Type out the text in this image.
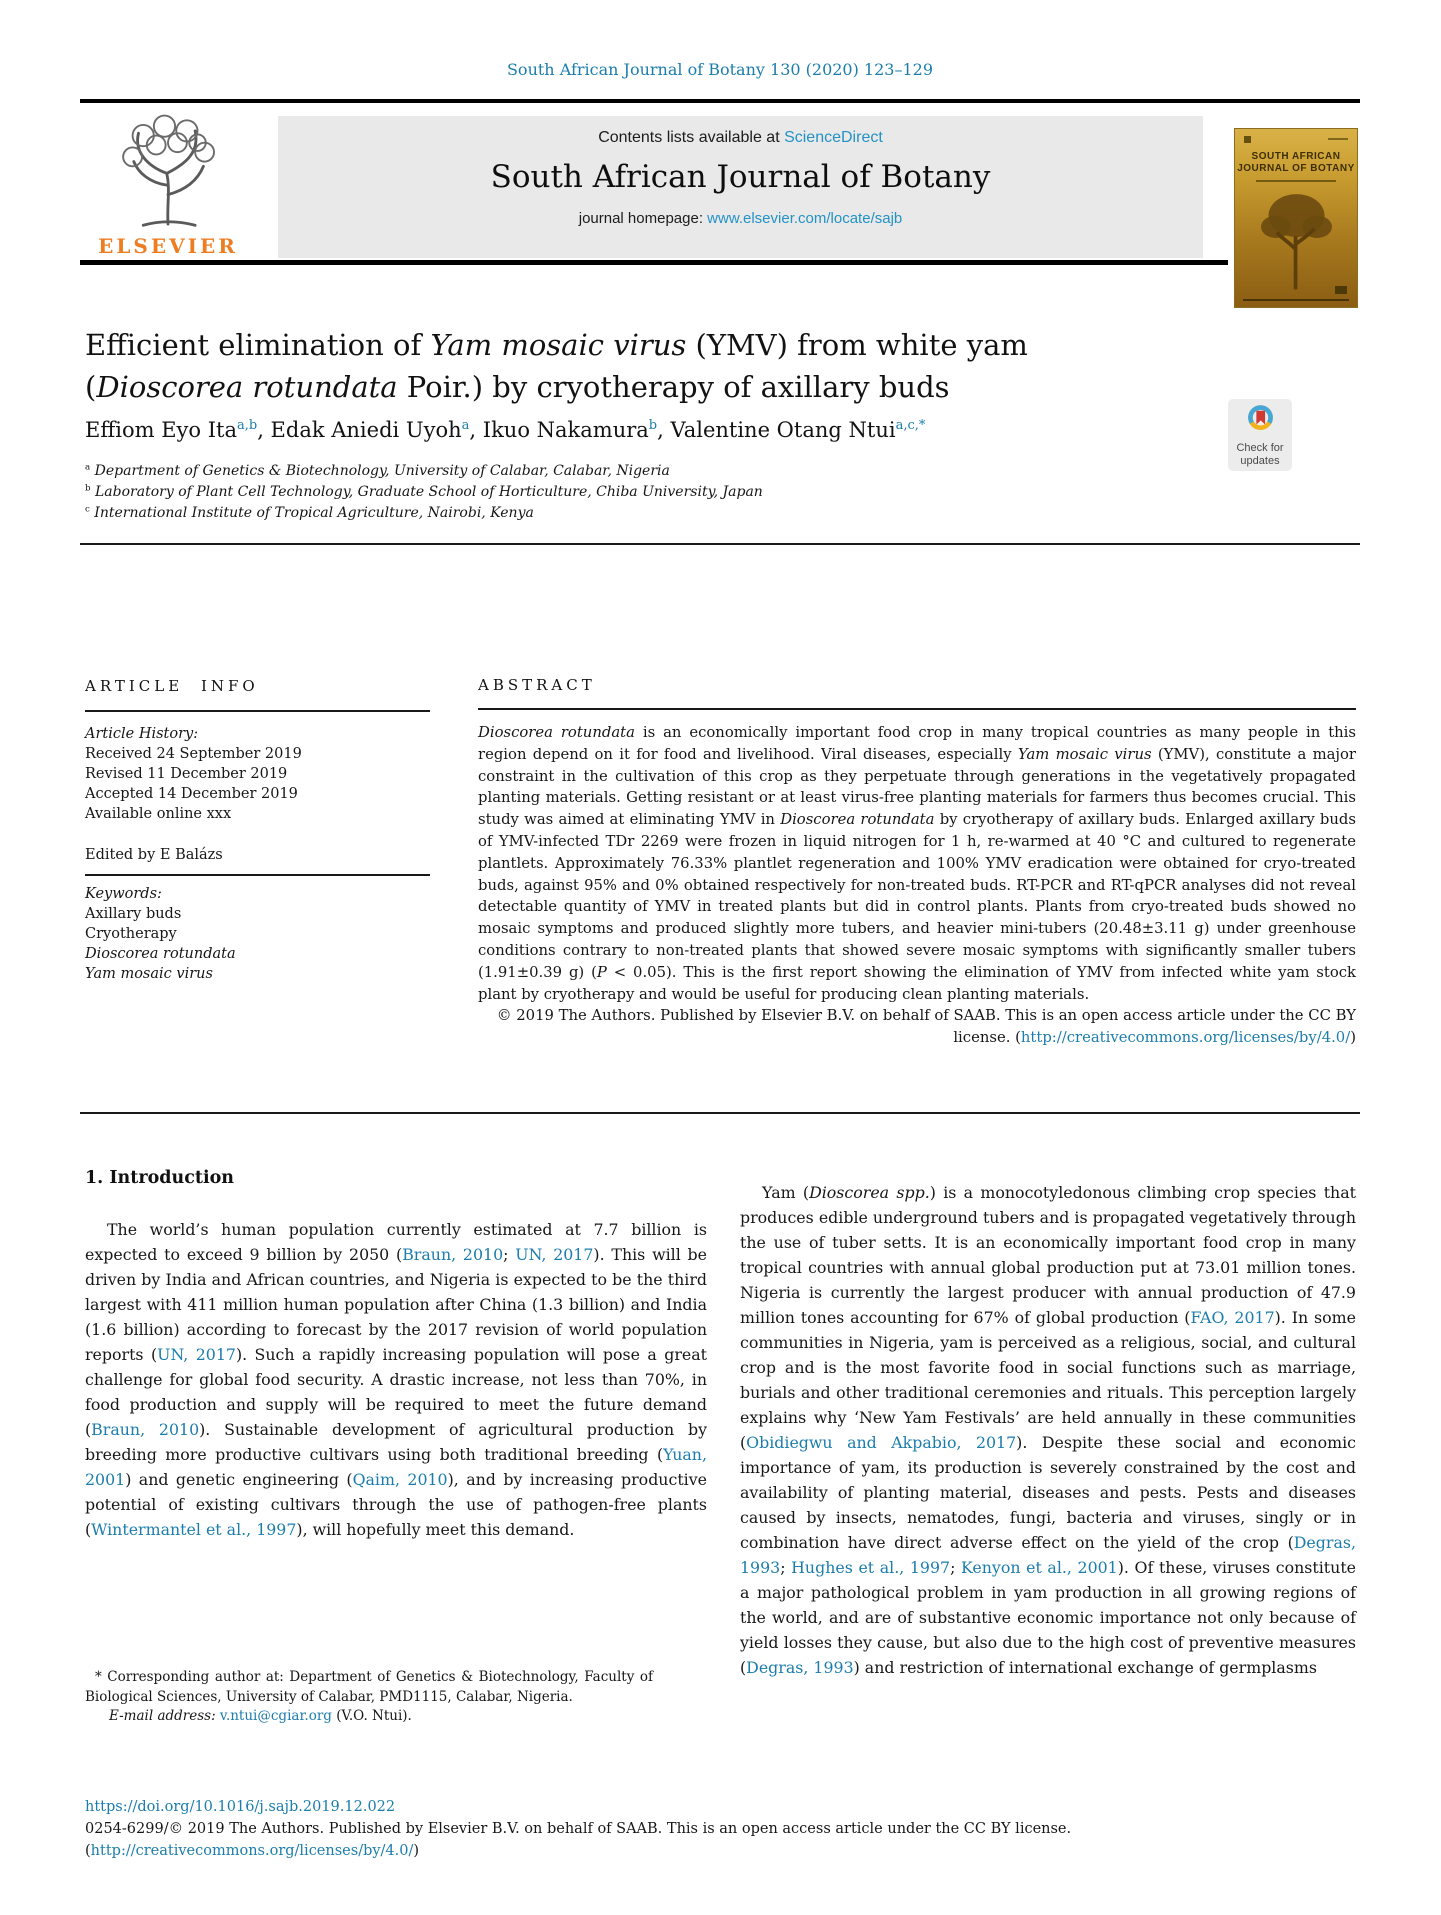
South African Journal of Botany 130 (2020) 123–129
ELSEVIER
Contents lists available at ScienceDirect
South African Journal of Botany
journal homepage: www.elsevier.com/locate/sajb
SOUTH AFRICAN
JOURNAL OF BOTANY
Efficient elimination of Yam mosaic virus (YMV) from white yam
(Dioscorea rotundata Poir.) by cryotherapy of axillary buds
Check for
updates
Effiom Eyo Ita$^{a,b}$, Edak Aniedi Uyoh$^a$, Ikuo Nakamura$^b$, Valentine Otang Ntui$^{a,c,*}$
$^a$ Department of Genetics & Biotechnology, University of Calabar, Calabar, Nigeria
$^b$ Laboratory of Plant Cell Technology, Graduate School of Horticulture, Chiba University, Japan
$^c$ International Institute of Tropical Agriculture, Nairobi, Kenya
ARTICLE INFO
Article History:
Received 24 September 2019
Revised 11 December 2019
Accepted 14 December 2019
Available online xxx
Edited by E Balázs
Keywords:
Axillary buds
Cryotherapy
Dioscorea rotundata
Yam mosaic virus
ABSTRACT
Dioscorea rotundata is an economically important food crop in many tropical countries as many people in this region depend on it for food and livelihood. Viral diseases, especially Yam mosaic virus (YMV), constitute a major constraint in the cultivation of this crop as they perpetuate through generations in the vegetatively propagated planting materials. Getting resistant or at least virus-free planting materials for farmers thus becomes crucial. This study was aimed at eliminating YMV in Dioscorea rotundata by cryotherapy of axillary buds. Enlarged axillary buds of YMV-infected TDr 2269 were frozen in liquid nitrogen for 1 h, re-warmed at 40 °C and cultured to regenerate plantlets. Approximately 76.33% plantlet regeneration and 100% YMV eradication were obtained for cryo-treated buds, against 95% and 0% obtained respectively for non-treated buds. RT-PCR and RT-qPCR analyses did not reveal detectable quantity of YMV in treated plants but did in control plants. Plants from cryo-treated buds showed no mosaic symptoms and produced slightly more tubers, and heavier mini-tubers (20.48±3.11 g) under greenhouse conditions contrary to non-treated plants that showed severe mosaic symptoms with significantly smaller tubers (1.91±0.39 g) (P < 0.05). This is the first report showing the elimination of YMV from infected white yam stock plant by cryotherapy and would be useful for producing clean planting materials.
© 2019 The Authors. Published by Elsevier B.V. on behalf of SAAB. This is an open access article under the CC BY license. (http://creativecommons.org/licenses/by/4.0/)
1. Introduction
The world’s human population currently estimated at 7.7 billion is expected to exceed 9 billion by 2050 (Braun, 2010; UN, 2017). This will be driven by India and African countries, and Nigeria is expected to be the third largest with 411 million human population after China (1.3 billion) and India (1.6 billion) according to forecast by the 2017 revision of world population reports (UN, 2017). Such a rapidly increasing population will pose a great challenge for global food security. A drastic increase, not less than 70%, in food production and supply will be required to meet the future demand (Braun, 2010). Sustainable development of agricultural production by breeding more productive cultivars using both traditional breeding (Yuan, 2001) and genetic engineering (Qaim, 2010), and by increasing productive potential of existing cultivars through the use of pathogen-free plants (Wintermantel et al., 1997), will hopefully meet this demand.
Yam (Dioscorea spp.) is a monocotyledonous climbing crop species that produces edible underground tubers and is propagated vegetatively through the use of tuber setts. It is an economically important food crop in many tropical countries with annual global production put at 73.01 million tones. Nigeria is currently the largest producer with annual production of 47.9 million tones accounting for 67% of global production (FAO, 2017). In some communities in Nigeria, yam is perceived as a religious, social, and cultural crop and is the most favorite food in social functions such as marriage, burials and other traditional ceremonies and rituals. This perception largely explains why ‘New Yam Festivals’ are held annually in these communities (Obidiegwu and Akpabio, 2017). Despite these social and economic importance of yam, its production is severely constrained by the cost and availability of planting material, diseases and pests. Pests and diseases caused by insects, nematodes, fungi, bacteria and viruses, singly or in combination have direct adverse effect on the yield of the crop (Degras, 1993; Hughes et al., 1997; Kenyon et al., 2001). Of these, viruses constitute a major pathological problem in yam production in all growing regions of the world, and are of substantive economic importance not only because of yield losses they cause, but also due to the high cost of preventive measures (Degras, 1993) and restriction of international exchange of germplasms
* Corresponding author at: Department of Genetics & Biotechnology, Faculty of Biological Sciences, University of Calabar, PMD1115, Calabar, Nigeria.
E-mail address: v.ntui@cgiar.org (V.O. Ntui).
https://doi.org/10.1016/j.sajb.2019.12.022
0254-6299/© 2019 The Authors. Published by Elsevier B.V. on behalf of SAAB. This is an open access article under the CC BY license. (http://creativecommons.org/licenses/by/4.0/)
